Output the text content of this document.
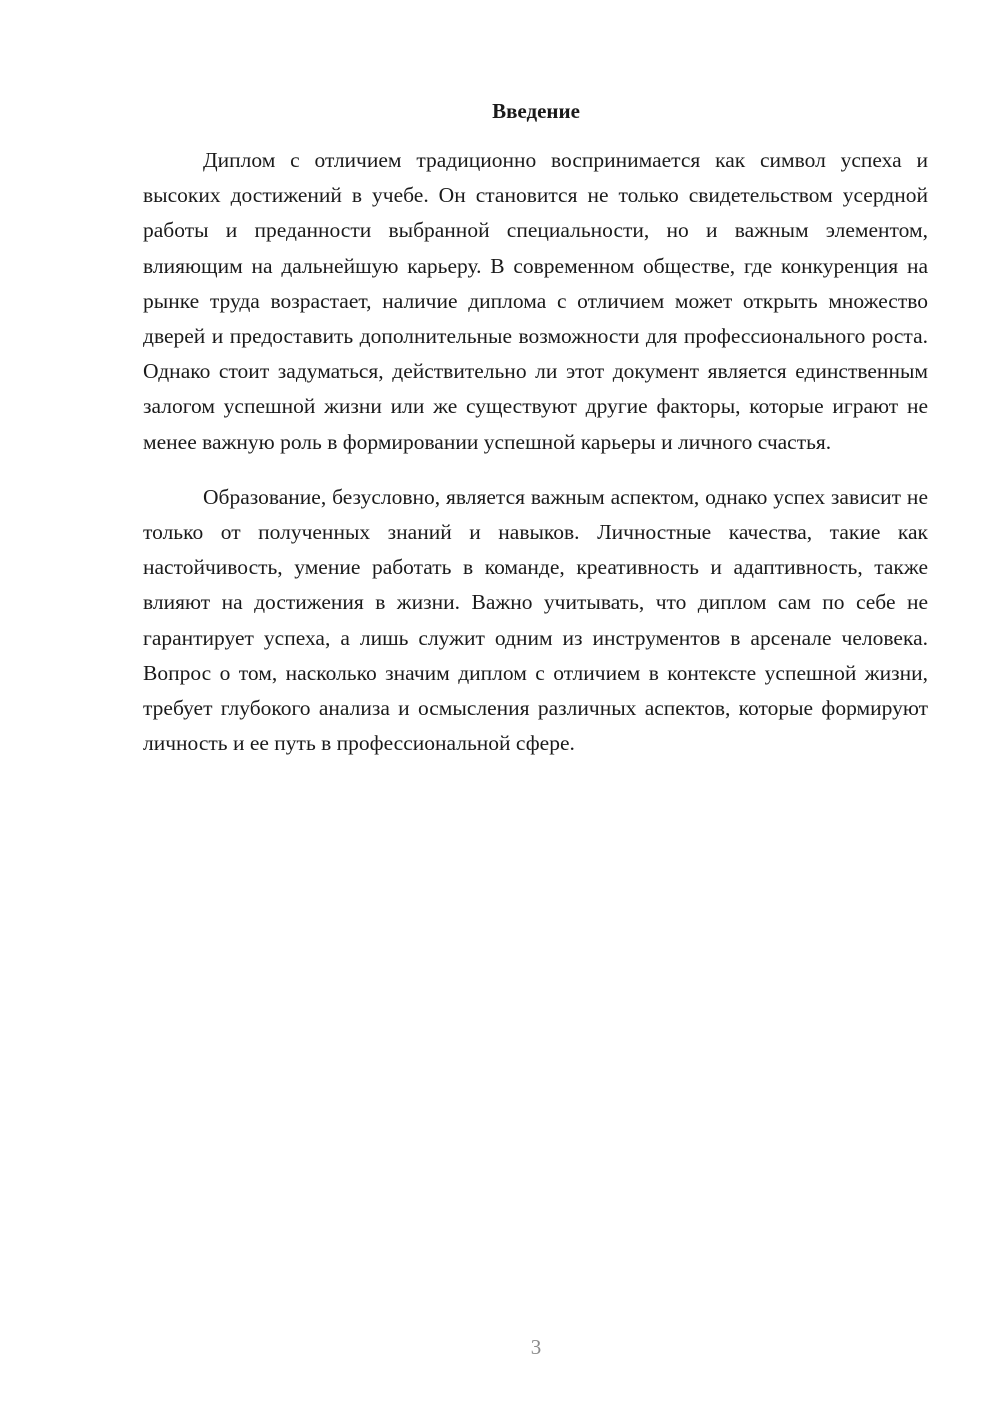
Введение

Диплом с отличием традиционно воспринимается как символ успеха и высоких достижений в учебе. Он становится не только свидетельством усердной работы и преданности выбранной специальности, но и важным элементом, влияющим на дальнейшую карьеру. В современном обществе, где конкуренция на рынке труда возрастает, наличие диплома с отличием может открыть множество дверей и предоставить дополнительные возможности для профессионального роста. Однако стоит задуматься, действительно ли этот документ является единственным залогом успешной жизни или же существуют другие факторы, которые играют не менее важную роль в формировании успешной карьеры и личного счастья.

Образование, безусловно, является важным аспектом, однако успех зависит не только от полученных знаний и навыков. Личностные качества, такие как настойчивость, умение работать в команде, креативность и адаптивность, также влияют на достижения в жизни. Важно учитывать, что диплом сам по себе не гарантирует успеха, а лишь служит одним из инструментов в арсенале человека. Вопрос о том, насколько значим диплом с отличием в контексте успешной жизни, требует глубокого анализа и осмысления различных аспектов, которые формируют личность и ее путь в профессиональной сфере.

3
